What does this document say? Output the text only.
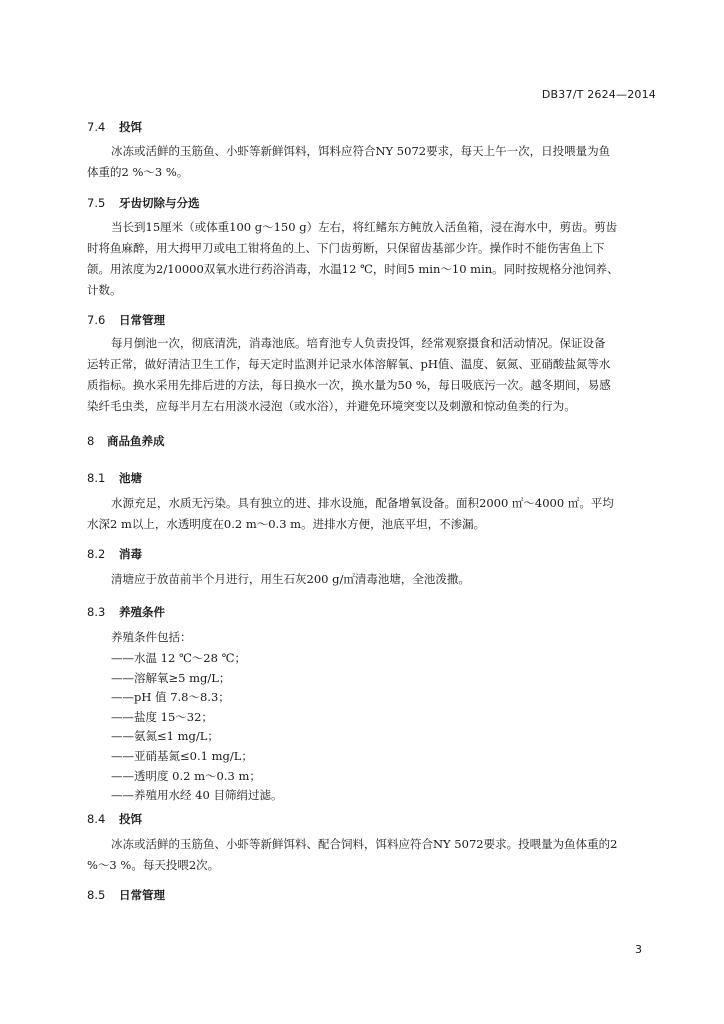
DB37/T 2624—2014
7.4 投饵

冰冻或活鲜的玉筋鱼、小虾等新鲜饵料，饵料应符合NY 5072要求，每天上午一次，日投喂量为鱼
体重的2 %～3 %。

7.5 牙齿切除与分选

当长到15厘米（或体重100 g～150 g）左右，将红鳍东方鲀放入活鱼箱，浸在海水中，剪齿。剪齿
时将鱼麻醉，用大拇甲刀或电工钳将鱼的上、下门齿剪断，只保留齿基部少许。操作时不能伤害鱼上下
颌。用浓度为2/10000双氧水进行药浴消毒，水温12 ℃，时间5 min～10 min。同时按规格分池饲养、
计数。

7.6 日常管理

每月倒池一次，彻底清洗，消毒池底。培育池专人负责投饵，经常观察摄食和活动情况。保证设备
运转正常，做好清洁卫生工作，每天定时监测并记录水体溶解氧、pH值、温度、氨氮、亚硝酸盐氮等水
质指标。换水采用先排后进的方法，每日换水一次，换水量为50 %，每日吸底污一次。越冬期间，易感
染纤毛虫类，应每半月左右用淡水浸泡（或水浴），并避免环境突变以及刺激和惊动鱼类的行为。

8 商品鱼养成
8.1 池塘

水源充足，水质无污染。具有独立的进、排水设施，配备增氧设备。面积2000 ㎡～4000 ㎡。平均
水深2 m以上，水透明度在0.2 m～0.3 m。进排水方便，池底平坦，不渗漏。

8.2 消毒

清塘应于放苗前半个月进行，用生石灰200 g/㎡清毒池塘，全池泼撒。

8.3 养殖条件

养殖条件包括：

——水温 12 ℃～28 ℃；
——溶解氧≥5 mg/L；
——pH 值 7.8～8.3；
——盐度 15～32；
——氨氮≤1 mg/L；
——亚硝基氮≤0.1 mg/L；
——透明度 0.2 m～0.3 m；
——养殖用水经 40 目筛绢过滤。
8.4 投饵

冰冻或活鲜的玉筋鱼、小虾等新鲜饵料、配合饲料，饵料应符合NY 5072要求。投喂量为鱼体重的2
%～3 %。每天投喂2次。

8.5 日常管理
3
